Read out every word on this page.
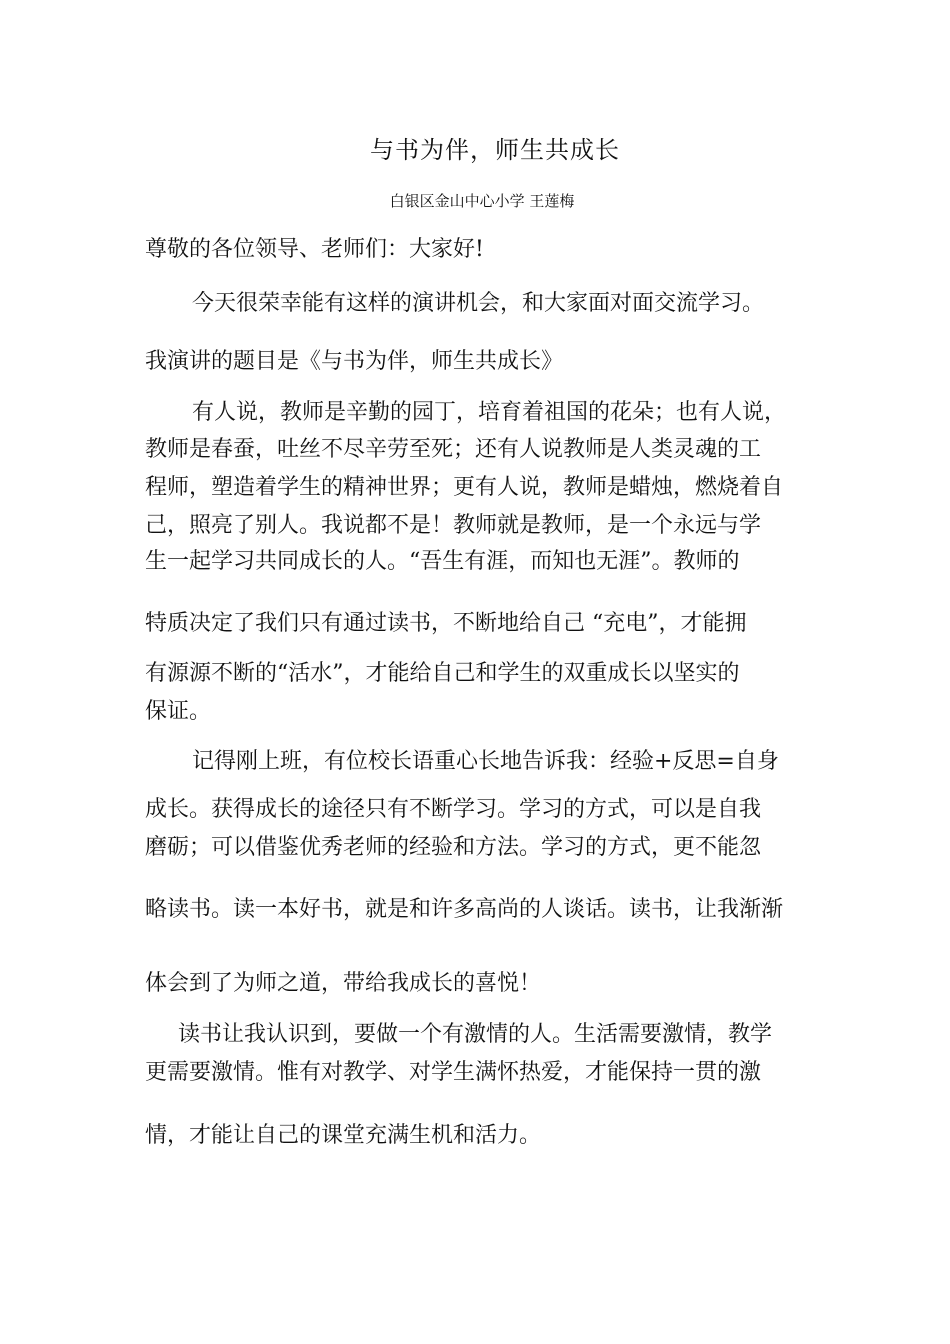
与书为伴，师生共成长
白银区金山中心小学 王莲梅
尊敬的各位领导、老师们：大家好!
今天很荣幸能有这样的演讲机会，和大家面对面交流学习。
我演讲的题目是《与书为伴，师生共成长》
有人说，教师是辛勤的园丁，培育着祖国的花朵；也有人说，
教师是春蚕，吐丝不尽辛劳至死；还有人说教师是人类灵魂的工
程师，塑造着学生的精神世界；更有人说，教师是蜡烛，燃烧着自
己，照亮了别人。我说都不是！教师就是教师，是一个永远与学
生一起学习共同成长的人。“吾生有涯，而知也无涯”。教师的
特质决定了我们只有通过读书，不断地给自己 “充电”，才能拥
有源源不断的“活水”，才能给自己和学生的双重成长以坚实的
保证。
记得刚上班，有位校长语重心长地告诉我：经验+反思=自身
成长。获得成长的途径只有不断学习。学习的方式，可以是自我
磨砺；可以借鉴优秀老师的经验和方法。学习的方式，更不能忽
略读书。读一本好书，就是和许多高尚的人谈话。读书，让我渐渐
体会到了为师之道，带给我成长的喜悦！
读书让我认识到，要做一个有激情的人。生活需要激情，教学
更需要激情。惟有对教学、对学生满怀热爱，才能保持一贯的激
情，才能让自己的课堂充满生机和活力。
